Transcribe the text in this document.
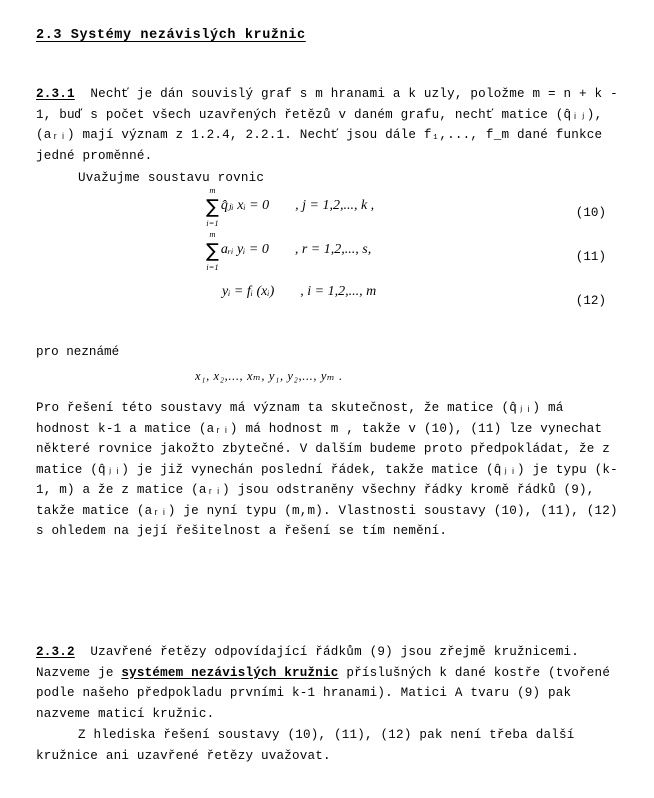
2.3 Systémy nezávislých kružnic
2.3.1 Nechť je dán souvislý graf s m hranami a k uzly, položme m = n + k - 1, buď s počet všech uzavřených řetězů v daném grafu, nechť matice (q̂ᵢⱼ), (aᵣᵢ) mají význam z 1.2.4, 2.2.1. Nechť jsou dále f₁,..., f_m dané funkce jedné proměnné.
Uvažujme soustavu rovnic
∑
m
i=1
q̂ⱼᵢ xᵢ = 0 , j = 1,2,..., k ,	(10)
∑
m
i=1
aᵣᵢ yᵢ = 0 , r = 1,2,..., s,	(11)
yᵢ = fᵢ (xᵢ) , i = 1,2,..., m
(12)
pro neznámé
x₁, x₂,..., xₘ, y₁, y₂,..., yₘ .
Pro řešení této soustavy má význam ta skutečnost, že matice (q̂ⱼᵢ) má hodnost k-1 a matice (aᵣᵢ) má hodnost m , takže v (10), (11) lze vynechat některé rovnice jakožto zbytečné. V dalším budeme proto předpokládat, že z matice (q̂ⱼᵢ) je již vynechán poslední řádek, takže matice (q̂ⱼᵢ) je typu (k-1, m) a že z matice (aᵣᵢ) jsou odstraněny všechny řádky kromě řádků (9), takže matice (aᵣᵢ) je nyní typu (m,m). Vlastnosti soustavy (10), (11), (12) s ohledem na její řešitelnost a řešení se tím nemění.
2.3.2 Uzavřené řetězy odpovídající řádkům (9) jsou zřejmě kružnicemi. Nazveme je systémem nezávislých kružnic příslušných k dané kostře (tvořené podle našeho předpokladu prvními k-1 hranami). Matici A tvaru (9) pak nazveme maticí kružnic.
Z hlediska řešení soustavy (10), (11), (12) pak není třeba další kružnice ani uzavřené řetězy uvažovat.
